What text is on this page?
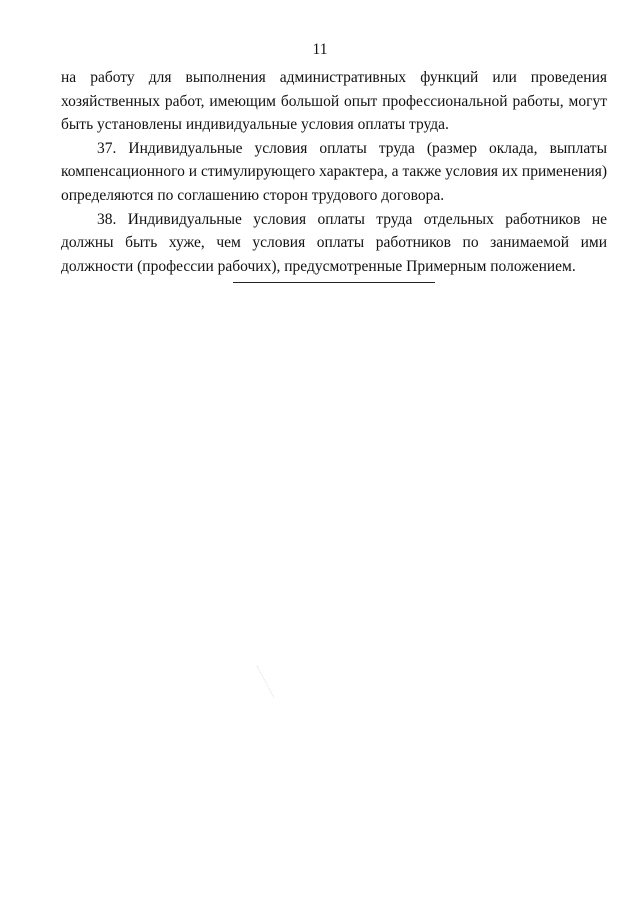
11

на работу для выполнения административных функций или проведения хозяйственных работ, имеющим большой опыт профессиональной работы, могут быть установлены индивидуальные условия оплаты труда.

37. Индивидуальные условия оплаты труда (размер оклада, выплаты компенсационного и стимулирующего характера, а также условия их применения) определяются по соглашению сторон трудового договора.

38. Индивидуальные условия оплаты труда отдельных работников не должны быть хуже, чем условия оплаты работников по занимаемой ими должности (профессии рабочих), предусмотренные Примерным положением.
